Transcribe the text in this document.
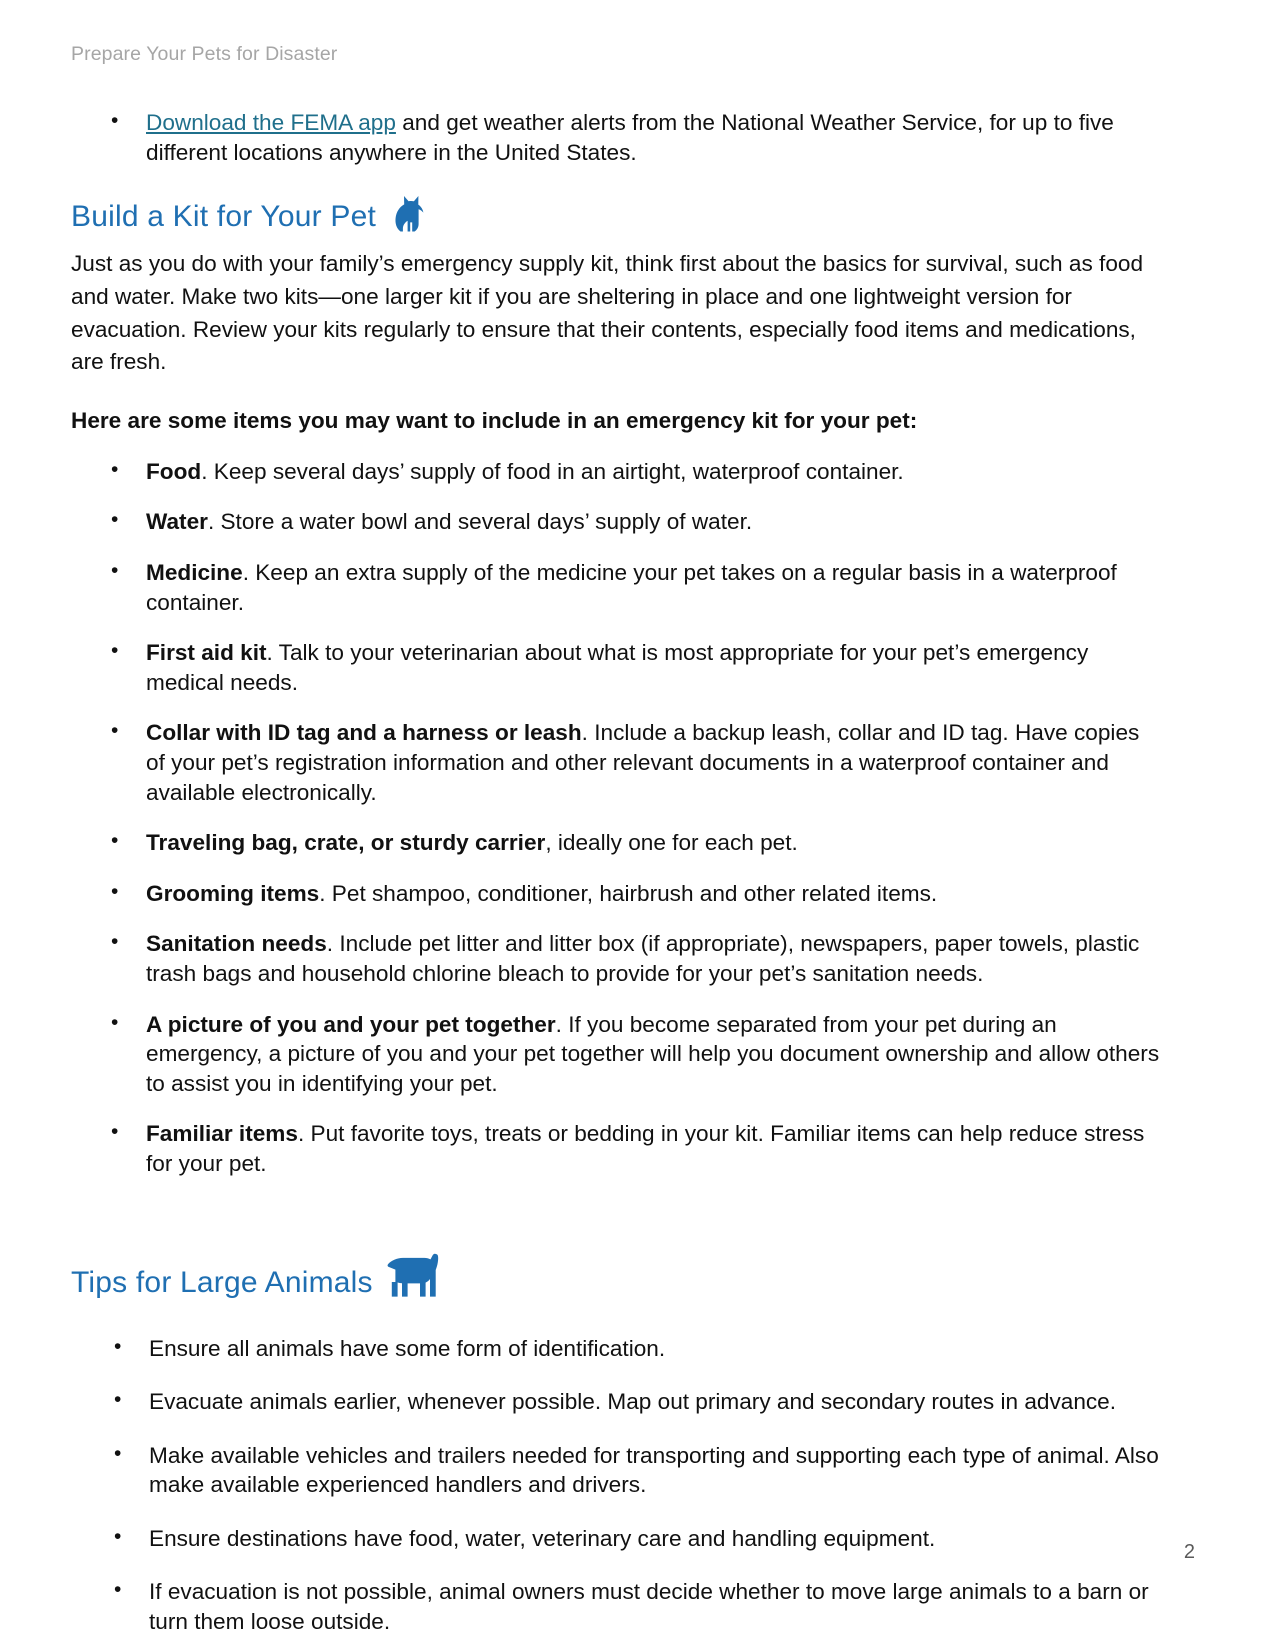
Prepare Your Pets for Disaster
• Download the FEMA app and get weather alerts from the National Weather Service, for up to five different locations anywhere in the United States.
Build a Kit for Your Pet

Just as you do with your family’s emergency supply kit, think first about the basics for survival, such as food and water. Make two kits—one larger kit if you are sheltering in place and one lightweight version for evacuation. Review your kits regularly to ensure that their contents, especially food items and medications, are fresh.

Here are some items you may want to include in an emergency kit for your pet:

• Food. Keep several days’ supply of food in an airtight, waterproof container.
• Water. Store a water bowl and several days’ supply of water.
• Medicine. Keep an extra supply of the medicine your pet takes on a regular basis in a waterproof container.
• First aid kit. Talk to your veterinarian about what is most appropriate for your pet’s emergency medical needs.
• Collar with ID tag and a harness or leash. Include a backup leash, collar and ID tag. Have copies of your pet’s registration information and other relevant documents in a waterproof container and available electronically.
• Traveling bag, crate, or sturdy carrier, ideally one for each pet.
• Grooming items. Pet shampoo, conditioner, hairbrush and other related items.
• Sanitation needs. Include pet litter and litter box (if appropriate), newspapers, paper towels, plastic trash bags and household chlorine bleach to provide for your pet’s sanitation needs.
• A picture of you and your pet together. If you become separated from your pet during an emergency, a picture of you and your pet together will help you document ownership and allow others to assist you in identifying your pet.
• Familiar items. Put favorite toys, treats or bedding in your kit. Familiar items can help reduce stress for your pet.
Tips for Large Animals
• Ensure all animals have some form of identification.
• Evacuate animals earlier, whenever possible. Map out primary and secondary routes in advance.
• Make available vehicles and trailers needed for transporting and supporting each type of animal. Also make available experienced handlers and drivers.
• Ensure destinations have food, water, veterinary care and handling equipment.
• If evacuation is not possible, animal owners must decide whether to move large animals to a barn or turn them loose outside.
2
